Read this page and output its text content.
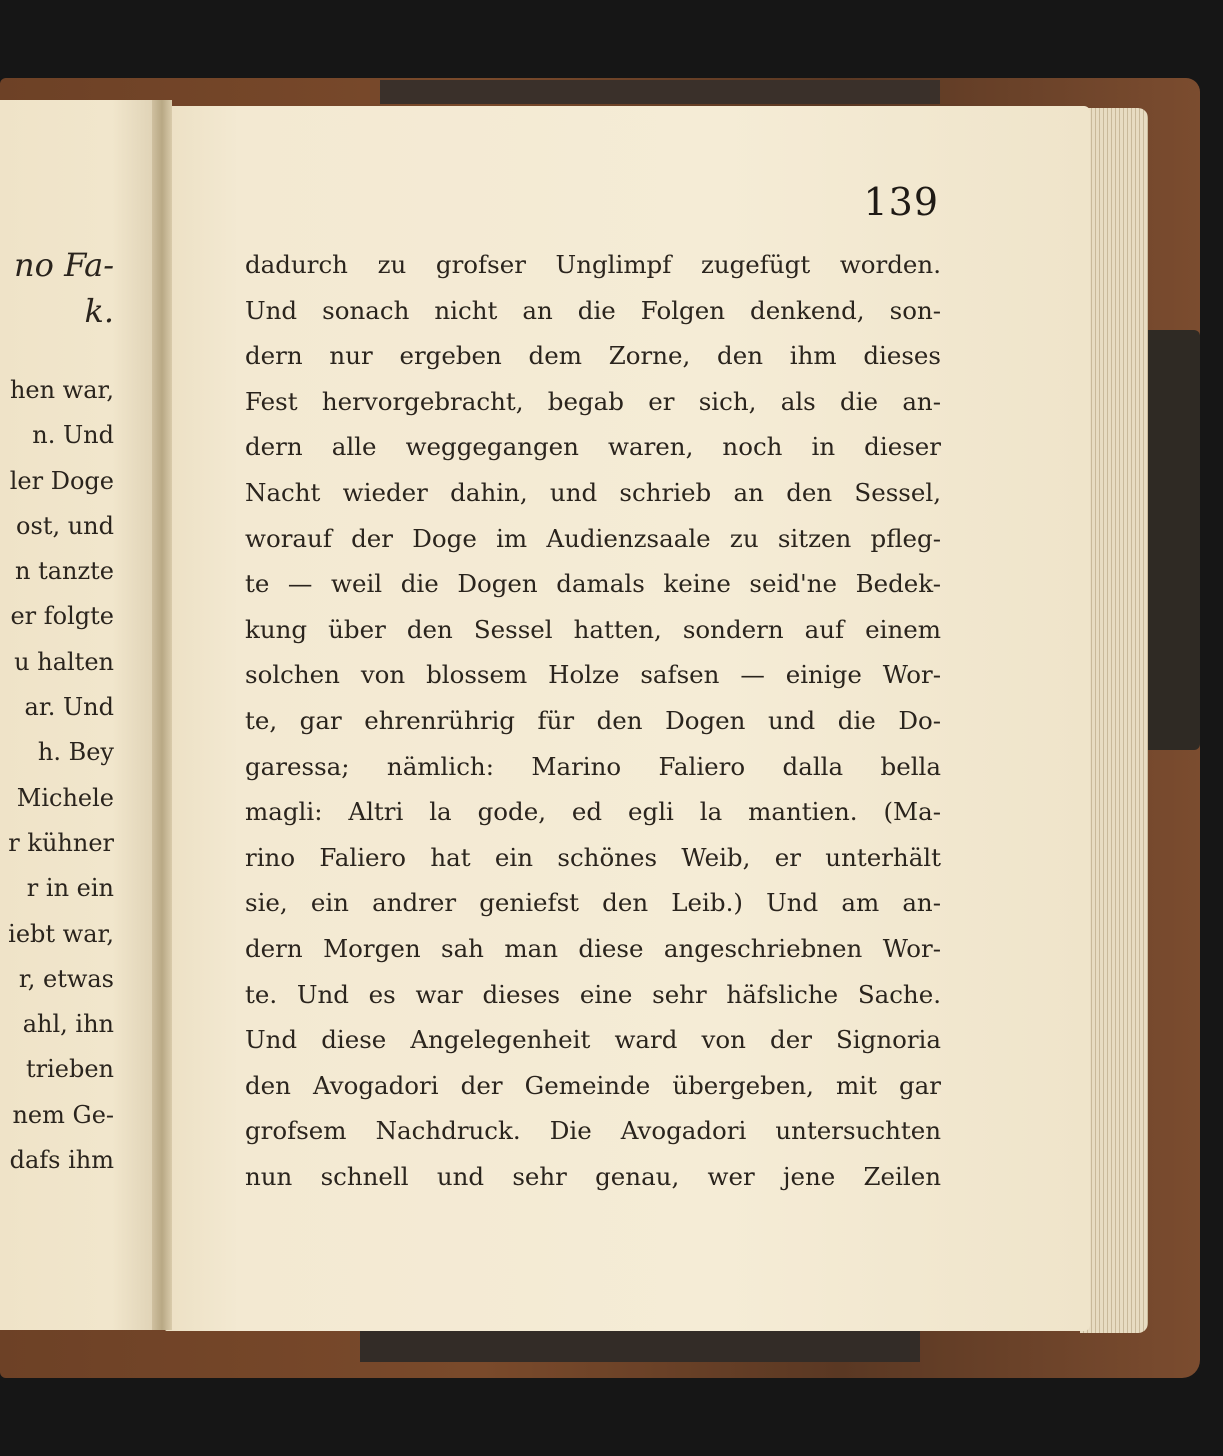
no Fa-
k.
hen war,
n. Und
ler Doge
ost, und
n tanzte
er folgte
u halten
ar. Und
h. Bey
Michele
r kühner
r in ein
iebt war,
r, etwas
ahl, ihn
trieben
nem Ge-
dafs ihm

139

dadurch zu grofser Unglimpf zugefügt worden.
Und sonach nicht an die Folgen denkend, son-
dern nur ergeben dem Zorne, den ihm dieses
Fest hervorgebracht, begab er sich, als die an-
dern alle weggegangen waren, noch in dieser
Nacht wieder dahin, und schrieb an den Sessel,
worauf der Doge im Audienzsaale zu sitzen pfleg-
te — weil die Dogen damals keine seid'ne Bedek-
kung über den Sessel hatten, sondern auf einem
solchen von blossem Holze safsen — einige Wor-
te, gar ehrenrührig für den Dogen und die Do-
garessa; nämlich: Marino Faliero dalla bella
magli: Altri la gode, ed egli la mantien. (Ma-
rino Faliero hat ein schönes Weib, er unterhält
sie, ein andrer geniefst den Leib.) Und am an-
dern Morgen sah man diese angeschriebnen Wor-
te. Und es war dieses eine sehr häfsliche Sache.
Und diese Angelegenheit ward von der Signoria
den Avogadori der Gemeinde übergeben, mit gar
grofsem Nachdruck. Die Avogadori untersuchten
nun schnell und sehr genau, wer jene Zeilen
